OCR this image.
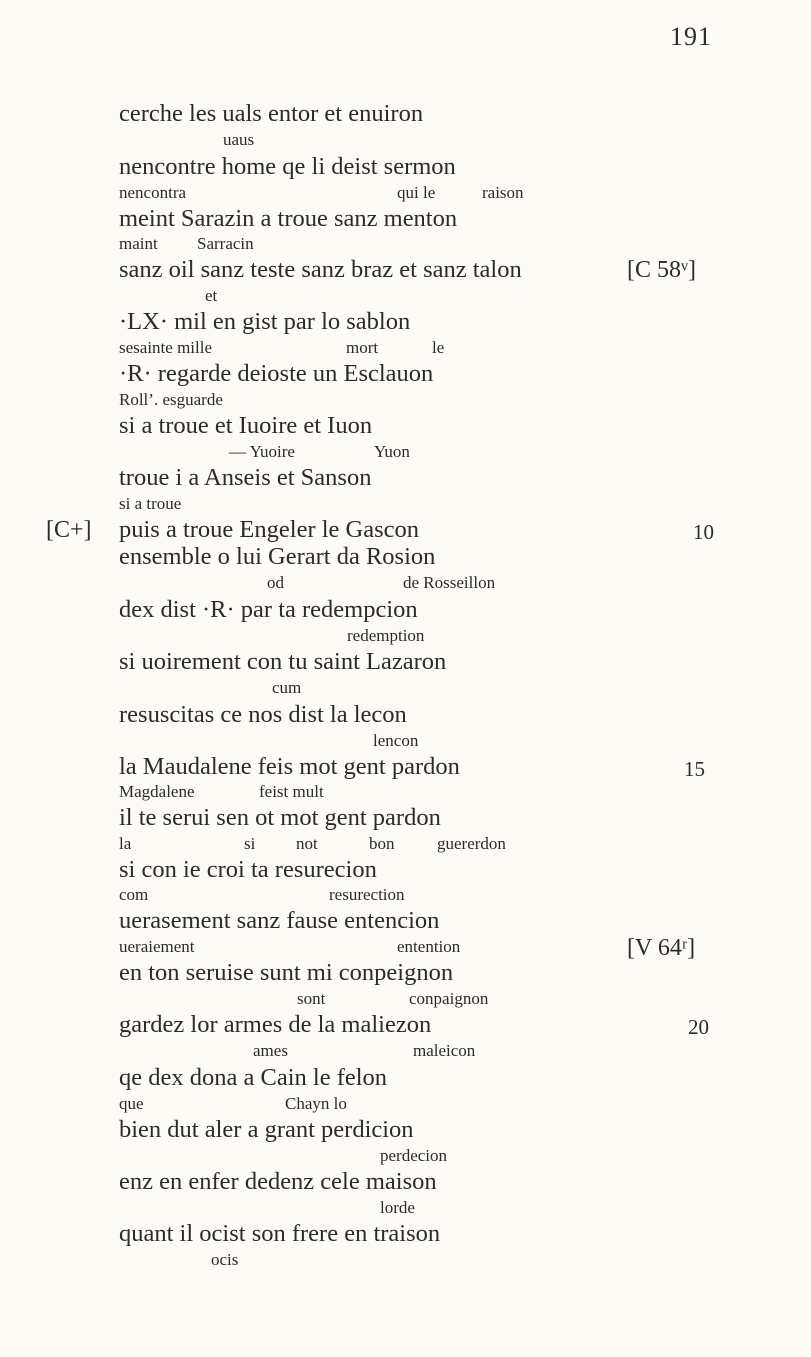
191
cerche les uals entor et enuiron
uaus
nencontre home qe li deist sermon
nencontra	qui le	raison
meint Sarazin a troue sanz menton
maint Sarracin
sanz oil sanz teste sanz braz et sanz talon	[C 58ᵛ]
et
·LX· mil en gist par lo sablon
sesainte mille	mort	le
·R· regarde deioste un Esclauon
Roll’. esguarde
si a troue et Iuoire et Iuon
— Yuoire	Yuon
troue i a Anseis et Sanson
si a troue
[C+] puis a troue Engeler le Gascon	10
ensemble o lui Gerart da Rosion
od	de Rosseillon
dex dist ·R· par ta redempcion
redemption
si uoirement con tu saint Lazaron
cum
resuscitas ce nos dist la lecon
lencon
la Maudalene feis mot gent pardon	15
Magdalene	feist mult
il te serui sen ot mot gent pardon
la	si not	bon	guererdon
si con ie croi ta resurecion
com	resurection
uerasement sanz fause entencion
ueraiement	entention	[V 64ʳ]
en ton seruise sunt mi conpeignon
sont	conpaignon
gardez lor armes de la maliezon	20
ames	maleicon
qe dex dona a Cain le felon
que	Chayn lo
bien dut aler a grant perdicion
perdecion
enz en enfer dedenz cele maison
lorde
quant il ocist son frere en traison
ocis
